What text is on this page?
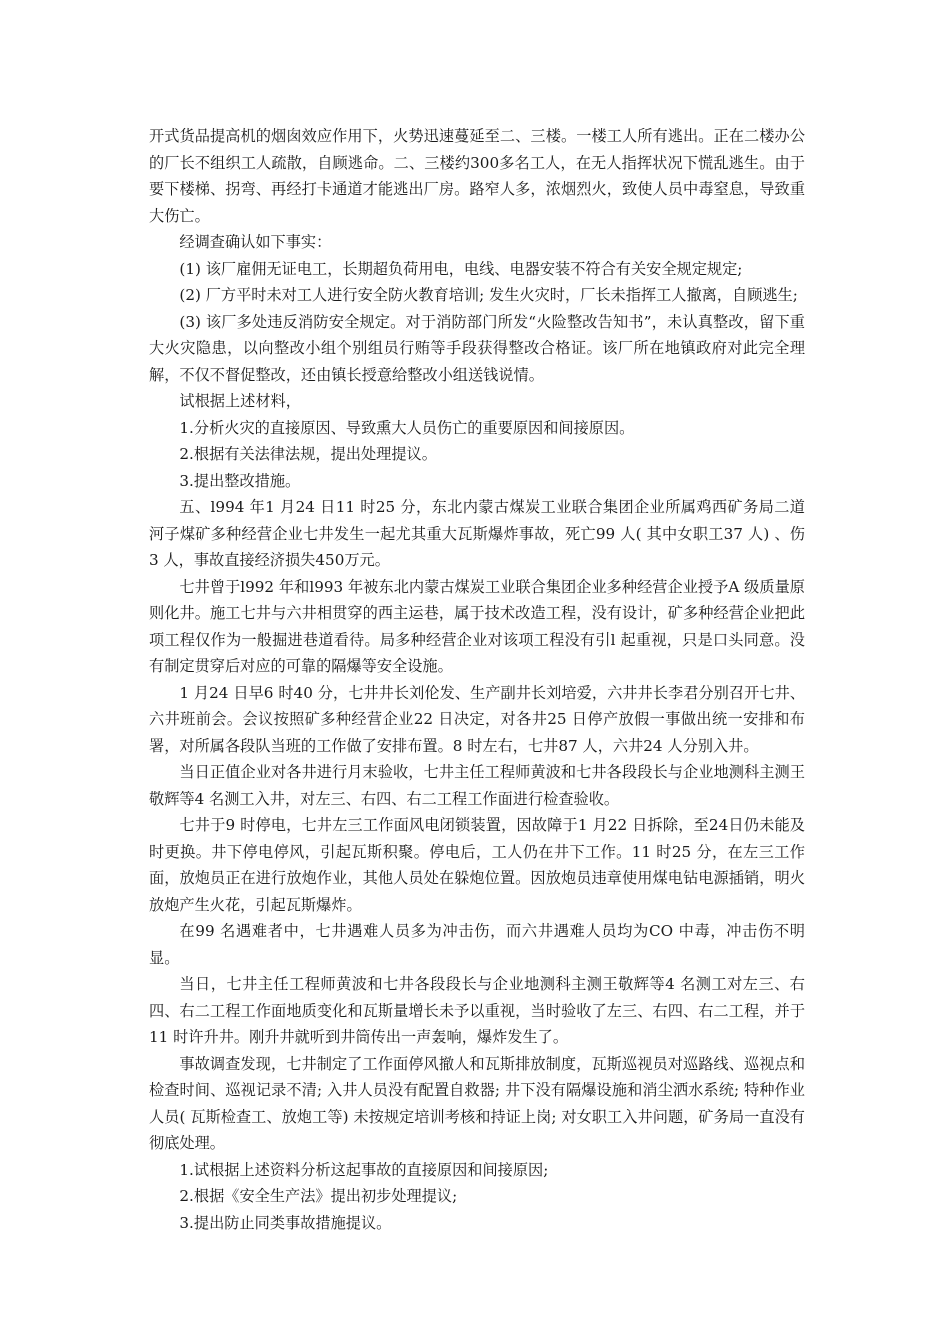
开式货品提高机的烟囱效应作用下，火势迅速蔓延至二、三楼。一楼工人所有逃出。正在二楼办公的厂长不组织工人疏散，自顾逃命。二、三楼约300多名工人，在无人指挥状况下慌乱逃生。由于要下楼梯、拐弯、再经打卡通道才能逃出厂房。路窄人多，浓烟烈火，致使人员中毒窒息，导致重大伤亡。

经调查确认如下事实：

(1) 该厂雇佣无证电工，长期超负荷用电，电线、电器安装不符合有关安全规定规定;

(2) 厂方平时未对工人进行安全防火教育培训; 发生火灾时，厂长未指挥工人撤离，自顾逃生;

(3) 该厂多处违反消防安全规定。对于消防部门所发“火险整改告知书”，未认真整改，留下重大火灾隐患，以向整改小组个别组员行贿等手段获得整改合格证。该厂所在地镇政府对此完全理解，不仅不督促整改，还由镇长授意给整改小组送钱说情。

试根据上述材料，

1.分析火灾的直接原因、导致熏大人员伤亡的重要原因和间接原因。

2.根据有关法律法规，提出处理提议。

3.提出整改措施。

五、l994 年1 月24 日11 时25 分，东北内蒙古煤炭工业联合集团企业所属鸡西矿务局二道河子煤矿多种经营企业七井发生一起尤其重大瓦斯爆炸事故，死亡99 人( 其中女职工37 人) 、伤3 人，事故直接经济损失450万元。

七井曾于l992 年和l993 年被东北内蒙古煤炭工业联合集团企业多种经营企业授予A 级质量原则化井。施工七井与六井相贯穿的西主运巷，属于技术改造工程，没有设计，矿多种经营企业把此项工程仅作为一般掘进巷道看待。局多种经营企业对该项工程没有引l 起重视，只是口头同意。没有制定贯穿后对应的可靠的隔爆等安全设施。

1 月24 日早6 时40 分，七井井长刘伦发、生产副井长刘培爱，六井井长李君分别召开七井、六井班前会。会议按照矿多种经营企业22 日决定，对各井25 日停产放假一事做出统一安排和布署，对所属各段队当班的工作做了安排布置。8 时左右，七井87 人，六井24 人分别入井。

当日正值企业对各井进行月末验收，七井主任工程师黄波和七井各段段长与企业地测科主测王敬辉等4 名测工入井，对左三、右四、右二工程工作面进行检查验收。

七井于9 时停电，七井左三工作面风电闭锁装置，因故障于1 月22 日拆除，至24日仍未能及时更换。井下停电停风，引起瓦斯积聚。停电后，工人仍在井下工作。11 时25 分，在左三工作面，放炮员正在进行放炮作业，其他人员处在躲炮位置。因放炮员违章使用煤电钻电源插销，明火放炮产生火花，引起瓦斯爆炸。

在99 名遇难者中，七井遇难人员多为冲击伤，而六井遇难人员均为CO 中毒，冲击伤不明显。

当日，七井主任工程师黄波和七井各段段长与企业地测科主测王敬辉等4 名测工对左三、右四、右二工程工作面地质变化和瓦斯量增长未予以重视，当时验收了左三、右四、右二工程，并于11 时许升井。刚升井就听到井筒传出一声轰响，爆炸发生了。

事故调查发现，七井制定了工作面停风撤人和瓦斯排放制度，瓦斯巡视员对巡路线、巡视点和检查时间、巡视记录不清; 入井人员没有配置自救器; 井下没有隔爆设施和消尘洒水系统; 特种作业人员( 瓦斯检查工、放炮工等) 未按规定培训考核和持证上岗; 对女职工入井问题，矿务局一直没有彻底处理。

1.试根据上述资料分析这起事故的直接原因和间接原因;

2.根据《安全生产法》提出初步处理提议;

3.提出防止同类事故措施提议。
